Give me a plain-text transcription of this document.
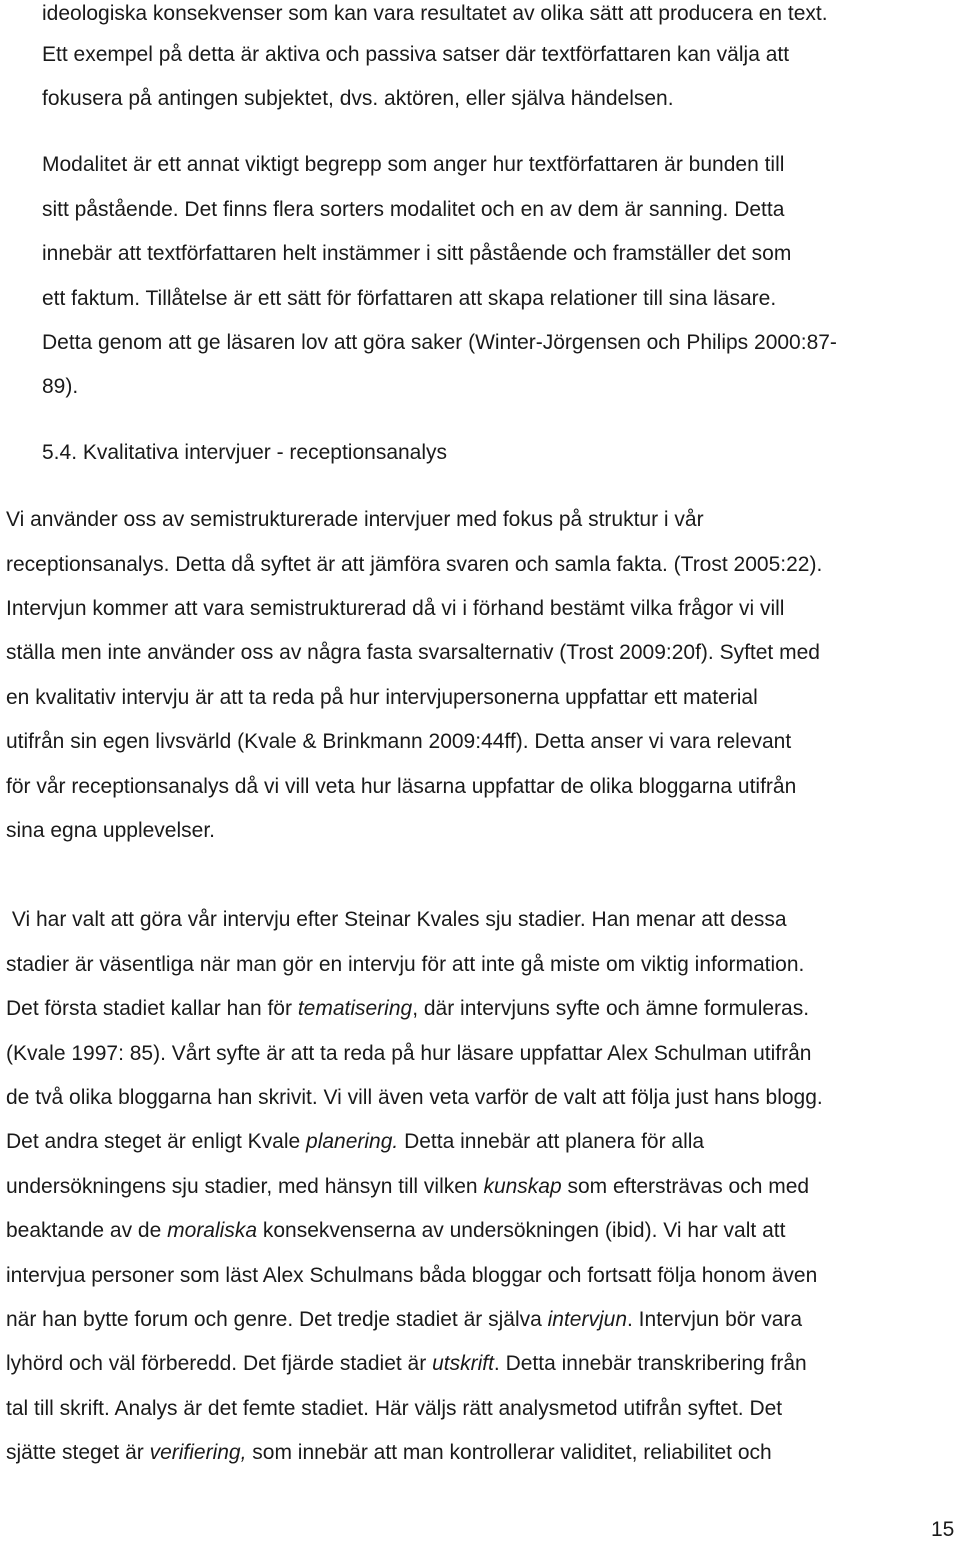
ideologiska konsekvenser som kan vara resultatet av olika sätt att producera en text.

Ett exempel på detta är aktiva och passiva satser där textförfattaren kan välja att

fokusera på antingen subjektet, dvs. aktören, eller själva händelsen.

Modalitet är ett annat viktigt begrepp som anger hur textförfattaren är bunden till

sitt påstående. Det finns flera sorters modalitet och en av dem är sanning. Detta

innebär att textförfattaren helt instämmer i sitt påstående och framställer det som

ett faktum. Tillåtelse är ett sätt för författaren att skapa relationer till sina läsare.

Detta genom att ge läsaren lov att göra saker (Winter-Jörgensen och Philips 2000:87-

89).

5.4. Kvalitativa intervjuer - receptionsanalys

Vi använder oss av semistrukturerade intervjuer med fokus på struktur i vår

receptionsanalys. Detta då syftet är att jämföra svaren och samla fakta. (Trost 2005:22).

Intervjun kommer att vara semistrukturerad då vi i förhand bestämt vilka frågor vi vill

ställa men inte använder oss av några fasta svarsalternativ (Trost 2009:20f). Syftet med

en kvalitativ intervju är att ta reda på hur intervjupersonerna uppfattar ett material

utifrån sin egen livsvärld (Kvale & Brinkmann 2009:44ff). Detta anser vi vara relevant

för vår receptionsanalys då vi vill veta hur läsarna uppfattar de olika bloggarna utifrån

sina egna upplevelser.

Vi har valt att göra vår intervju efter Steinar Kvales sju stadier. Han menar att dessa

stadier är väsentliga när man gör en intervju för att inte gå miste om viktig information.

Det första stadiet kallar han för tematisering, där intervjuns syfte och ämne formuleras.

(Kvale 1997: 85). Vårt syfte är att ta reda på hur läsare uppfattar Alex Schulman utifrån

de två olika bloggarna han skrivit. Vi vill även veta varför de valt att följa just hans blogg.

Det andra steget är enligt Kvale planering. Detta innebär att planera för alla

undersökningens sju stadier, med hänsyn till vilken kunskap som eftersträvas och med

beaktande av de moraliska konsekvenserna av undersökningen (ibid). Vi har valt att

intervjua personer som läst Alex Schulmans båda bloggar och fortsatt följa honom även

när han bytte forum och genre. Det tredje stadiet är själva intervjun. Intervjun bör vara

lyhörd och väl förberedd. Det fjärde stadiet är utskrift. Detta innebär transkribering från

tal till skrift. Analys är det femte stadiet. Här väljs rätt analysmetod utifrån syftet. Det

sjätte steget är verifiering, som innebär att man kontrollerar validitet, reliabilitet och

15
